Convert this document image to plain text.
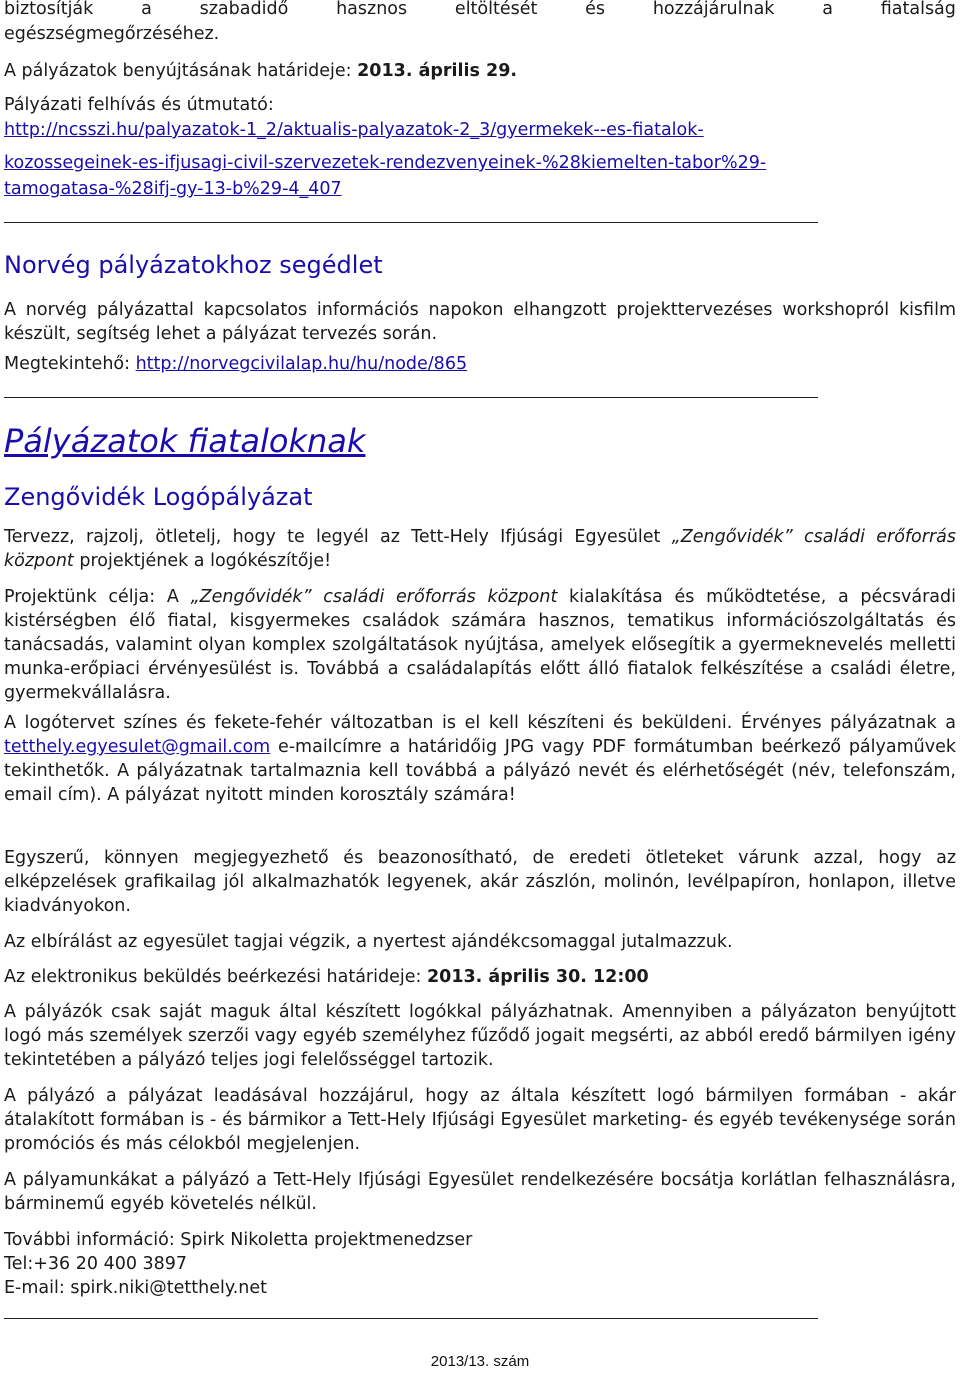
biztosítják	a	szabadidő	hasznos	eltöltését	és	hozzájárulnak	a	fiatalság
egészségmegőrzéséhez.
A pályázatok benyújtásának határideje: 2013. április 29.
Pályázati felhívás és útmutató:
http://ncsszi.hu/palyazatok-1_2/aktualis-palyazatok-2_3/gyermekek--es-fiatalok-
kozossegeinek-es-ifjusagi-civil-szervezetek-rendezvenyeinek-%28kiemelten-tabor%29-
tamogatasa-%28ifj-gy-13-b%29-4_407
Norvég pályázatokhoz segédlet

A norvég pályázattal kapcsolatos információs napokon elhangzott projekttervezéses workshopról kisfilm készült, segítség lehet a pályázat tervezés során.

Megtekintehő: http://norvegcivilalap.hu/hu/node/865
Pályázatok fiataloknak
Zengővidék Logópályázat

Tervezz, rajzolj, ötletelj, hogy te legyél az Tett-Hely Ifjúsági Egyesület „Zengővidék” családi erőforrás központ projektjének a logókészítője!

Projektünk célja: A „Zengővidék” családi erőforrás központ kialakítása és működtetése, a pécsváradi kistérségben élő fiatal, kisgyermekes családok számára hasznos, tematikus információszolgáltatás és tanácsadás, valamint olyan komplex szolgáltatások nyújtása, amelyek elősegítik a gyermeknevelés melletti munka-erőpiaci érvényesülést is. Továbbá a családalapítás előtt álló fiatalok felkészítése a családi életre, gyermekvállalásra.

A logótervet színes és fekete-fehér változatban is el kell készíteni és beküldeni. Érvényes pályázatnak a tetthely.egyesulet@gmail.com e-mailcímre a határidőig JPG vagy PDF formátumban beérkező pályaművek tekinthetők. A pályázatnak tartalmaznia kell továbbá a pályázó nevét és elérhetőségét (név, telefonszám, email cím). A pályázat nyitott minden korosztály számára!

Egyszerű, könnyen megjegyezhető és beazonosítható, de eredeti ötleteket várunk azzal, hogy az elképzelések grafikailag jól alkalmazhatók legyenek, akár zászlón, molinón, levélpapíron, honlapon, illetve kiadványokon.

Az elbírálást az egyesület tagjai végzik, a nyertest ajándékcsomaggal jutalmazzuk.

Az elektronikus beküldés beérkezési határideje: 2013. április 30. 12:00

A pályázók csak saját maguk által készített logókkal pályázhatnak. Amennyiben a pályázaton benyújtott logó más személyek szerzői vagy egyéb személyhez fűződő jogait megsérti, az abból eredő bármilyen igény tekintetében a pályázó teljes jogi felelősséggel tartozik.

A pályázó a pályázat leadásával hozzájárul, hogy az általa készített logó bármilyen formában - akár átalakított formában is - és bármikor a Tett-Hely Ifjúsági Egyesület marketing- és egyéb tevékenysége során promóciós és más célokból megjelenjen.

A pályamunkákat a pályázó a Tett-Hely Ifjúsági Egyesület rendelkezésére bocsátja korlátlan felhasználásra, bárminemű egyéb követelés nélkül.

További információ: Spirk Nikoletta projektmenedzser
Tel:+36 20 400 3897
E-mail: spirk.niki@tetthely.net
2013/13. szám
